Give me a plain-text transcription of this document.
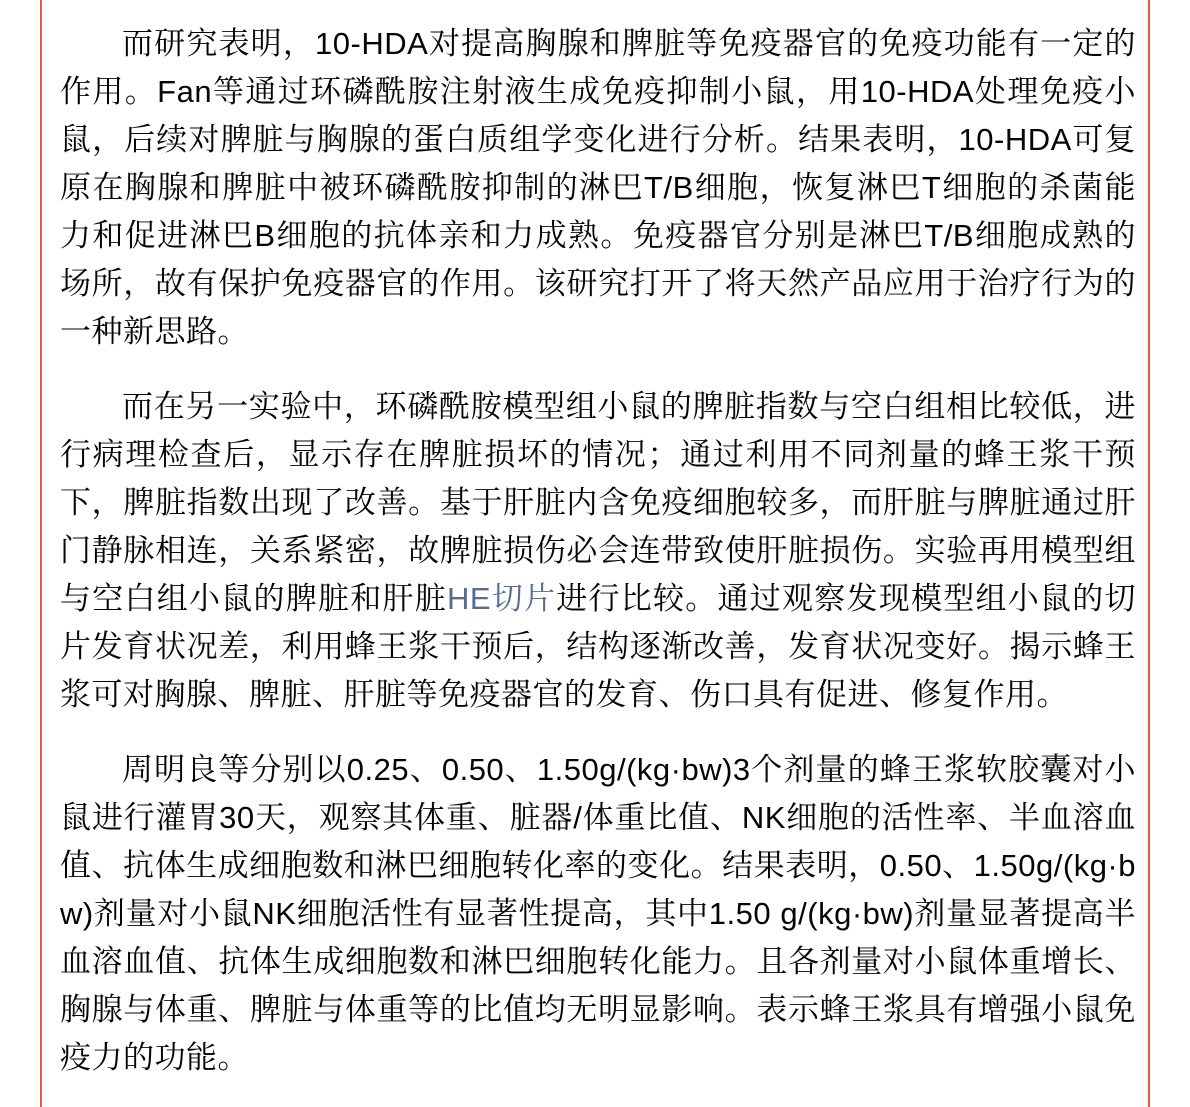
而研究表明，10-HDA对提高胸腺和脾脏等免疫器官的免疫功能有一定的作用。Fan等通过环磷酰胺注射液生成免疫抑制小鼠，用10-HDA处理免疫小鼠，后续对脾脏与胸腺的蛋白质组学变化进行分析。结果表明，10-HDA可复原在胸腺和脾脏中被环磷酰胺抑制的淋巴T/B细胞，恢复淋巴T细胞的杀菌能力和促进淋巴B细胞的抗体亲和力成熟。免疫器官分别是淋巴T/B细胞成熟的场所，故有保护免疫器官的作用。该研究打开了将天然产品应用于治疗行为的一种新思路。

而在另一实验中，环磷酰胺模型组小鼠的脾脏指数与空白组相比较低，进行病理检查后，显示存在脾脏损坏的情况；通过利用不同剂量的蜂王浆干预下，脾脏指数出现了改善。基于肝脏内含免疫细胞较多，而肝脏与脾脏通过肝门静脉相连，关系紧密，故脾脏损伤必会连带致使肝脏损伤。实验再用模型组与空白组小鼠的脾脏和肝脏HE切片进行比较。通过观察发现模型组小鼠的切片发育状况差，利用蜂王浆干预后，结构逐渐改善，发育状况变好。揭示蜂王浆可对胸腺、脾脏、肝脏等免疫器官的发育、伤口具有促进、修复作用。

周明良等分别以0.25、0.50、1.50g/(kg·bw)3个剂量的蜂王浆软胶囊对小鼠进行灌胃30天，观察其体重、脏器/体重比值、NK细胞的活性率、半血溶血值、抗体生成细胞数和淋巴细胞转化率的变化。结果表明，0.50、1.50g/(kg·bw)剂量对小鼠NK细胞活性有显著性提高，其中1.50 g/(kg·bw)剂量显著提高半血溶血值、抗体生成细胞数和淋巴细胞转化能力。且各剂量对小鼠体重增长、胸腺与体重、脾脏与体重等的比值均无明显影响。表示蜂王浆具有增强小鼠免疫力的功能。
